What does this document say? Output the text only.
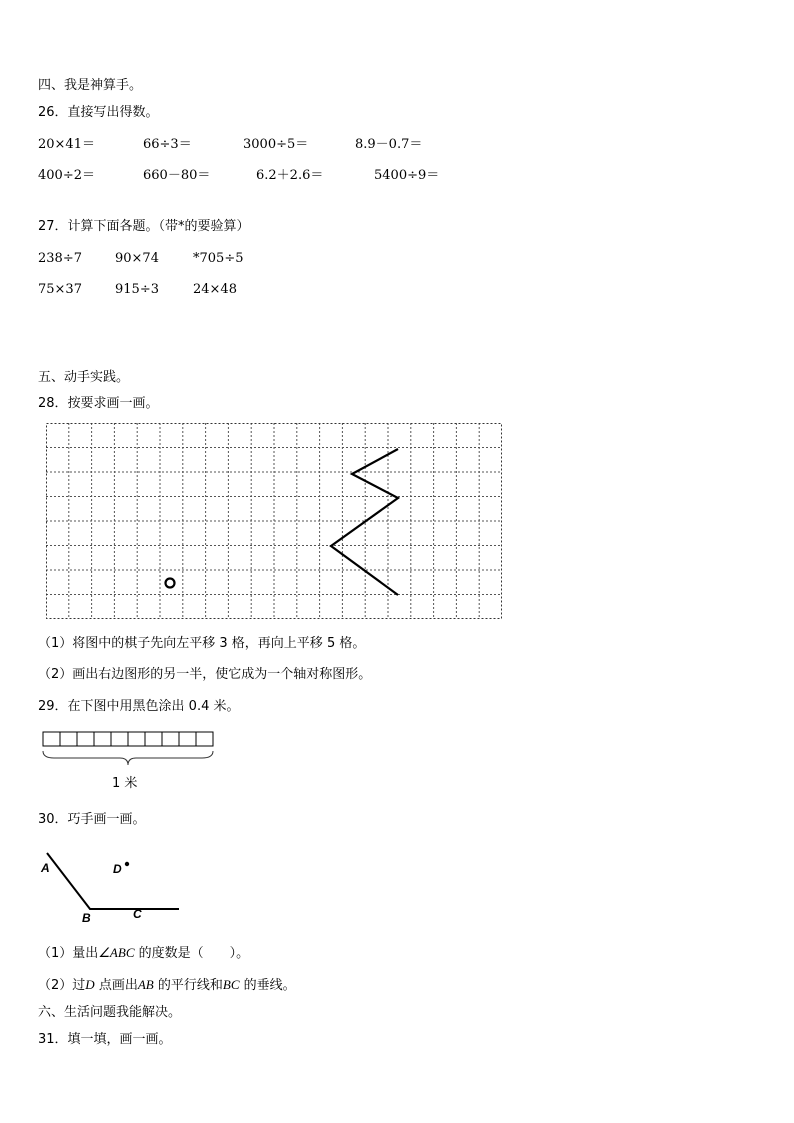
四、我是神算手。
26．直接写出得数。
20×41＝	66÷3＝	3000÷5＝	8.9－0.7＝
400÷2＝	660－80＝	6.2＋2.6＝	5400÷9＝
27．计算下面各题。（带*的要验算）
238÷7	90×74	*705÷5
75×37	915÷3	24×48
五、动手实践。
28．按要求画一画。
（1）将图中的棋子先向左平移 3 格，再向上平移 5 格。
（2）画出右边图形的另一半，使它成为一个轴对称图形。
29．在下图中用黑色涂出 0.4 米。
1 米
30．巧手画一画。
A
B	C
D
（1）量出∠ABC 的度数是（　　）。
（2）过D 点画出AB 的平行线和BC 的垂线。
六、生活问题我能解决。
31．填一填，画一画。
